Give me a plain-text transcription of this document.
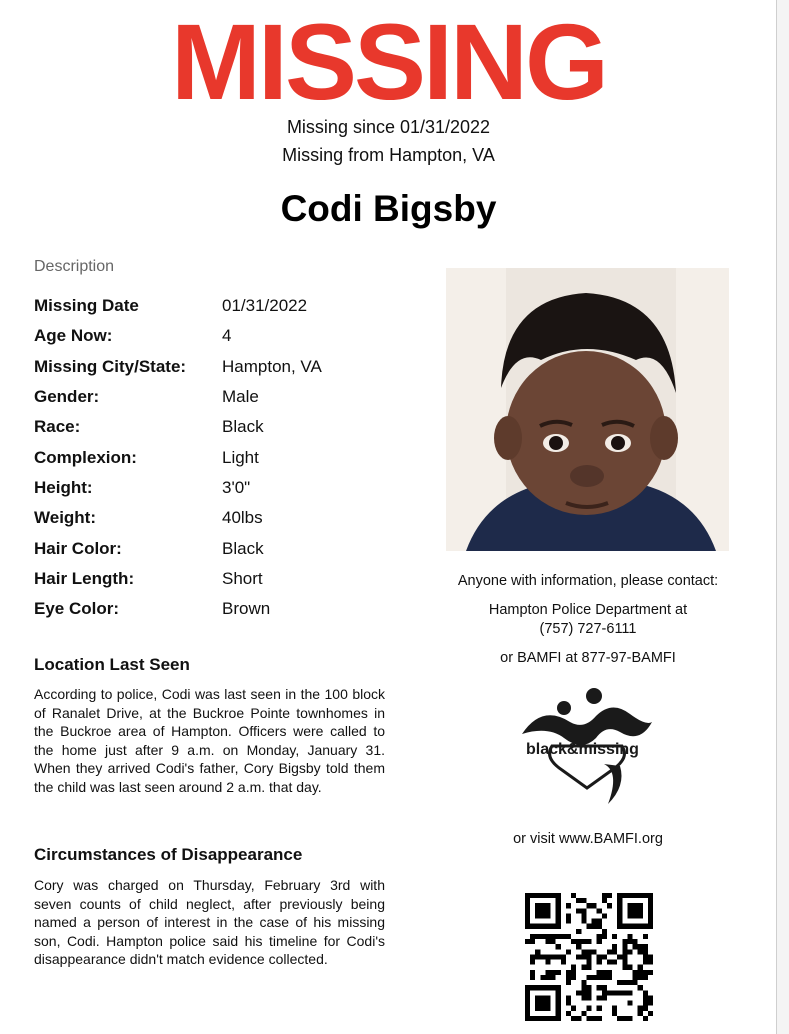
MISSING
Missing since 01/31/2022
Missing from Hampton, VA
Codi Bigsby
Description
Missing Date	01/31/2022
Age Now:	4
Missing City/State:	Hampton, VA
Gender:	Male
Race:	Black
Complexion:	Light
Height:	3'0"
Weight:	40lbs
Hair Color:	Black
Hair Length:	Short
Eye Color:	Brown
Location Last Seen
According to police, Codi was last seen in the 100 block of Ranalet Drive, at the Buckroe Pointe townhomes in the Buckroe area of Hampton. Officers were called to the home just after 9 a.m. on Monday, January 31. When they arrived Codi's father, Cory Bigsby told them the child was last seen around 2 a.m. that day.
Circumstances of Disappearance
Cory was charged on Thursday, February 3rd with seven counts of child neglect, after previously being named a person of interest in the case of his missing son, Codi. Hampton police said his timeline for Codi's disappearance didn't match evidence collected.
Anyone with information, please contact:
Hampton Police Department at
(757) 727-6111
or BAMFI at 877-97-BAMFI
black&missing
or visit www.BAMFI.org
